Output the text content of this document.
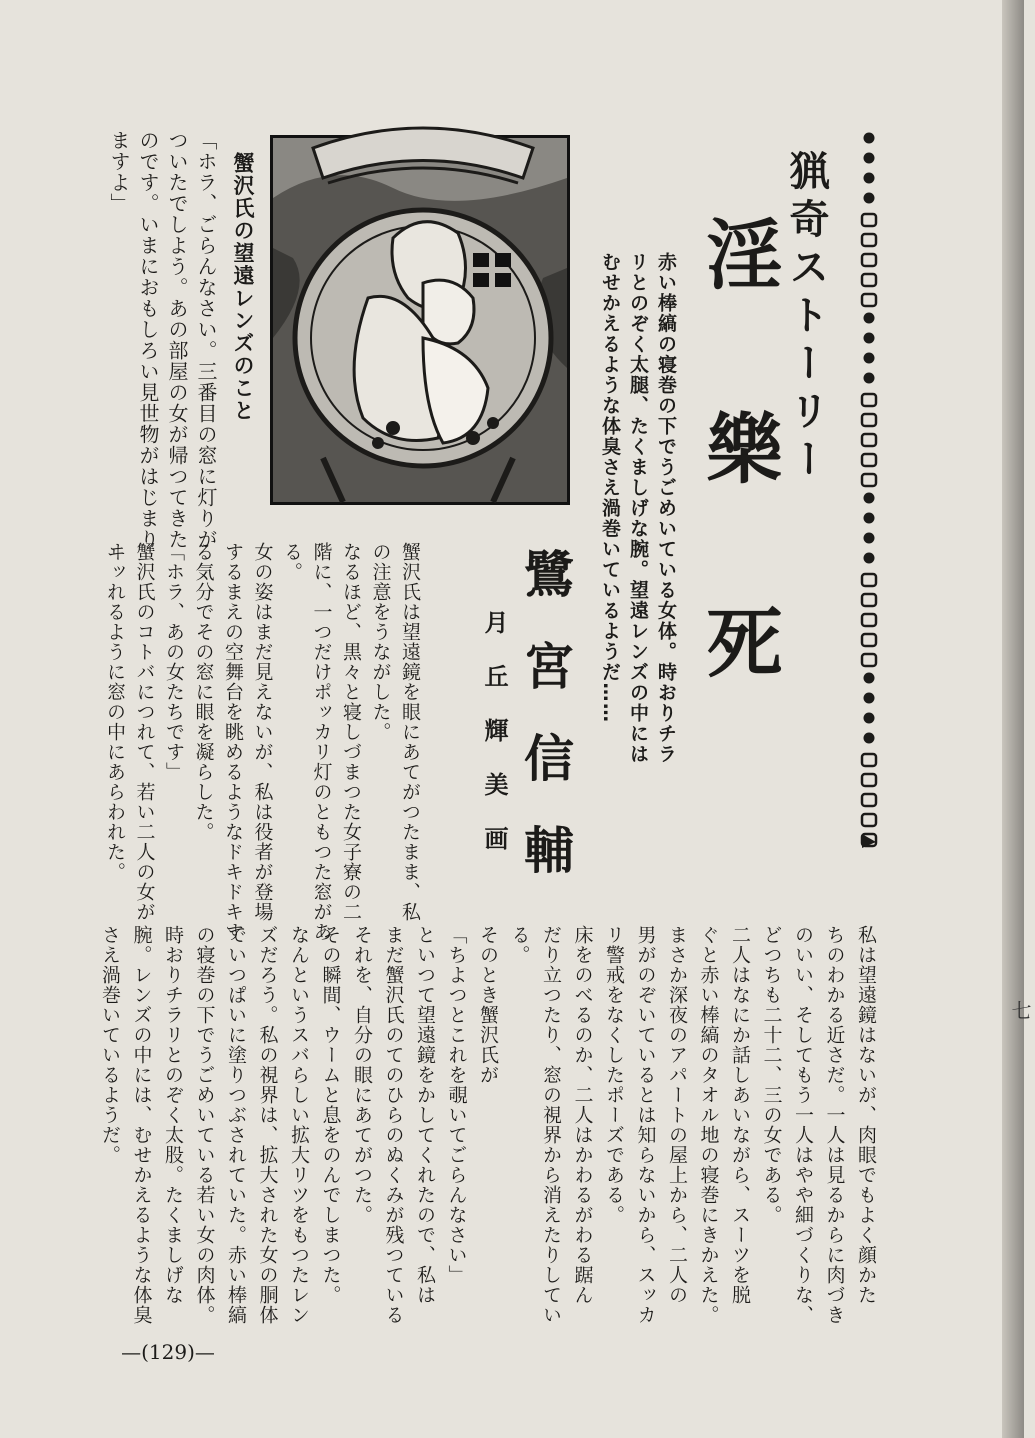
猟奇ストーリー
淫樂死
赤い棒縞の寝巻の下でうごめいている女体。時おりチラ
リとのぞく太腿、たくましげな腕。望遠レンズの中には
むせかえるような体臭さえ渦巻いているようだ……
鷺宮信輔
月丘輝美画
蟹沢氏の望遠レンズのこと
私は望遠鏡はないが、肉眼でもよく顔かた
ちのわかる近さだ。一人は見るからに肉づき
のいい、そしてもう一人はやや細づくりな、
どつちも二十二、三の女である。
二人はなにか話しあいながら、スーツを脱
ぐと赤い棒縞のタオル地の寝巻にきかえた。
まさか深夜のアパートの屋上から、二人の
男がのぞいているとは知らないから、スッカ
リ警戒をなくしたポーズである。
床をのべるのか、二人はかわるがわる踞ん
だり立つたり、窓の視界から消えたりしてい
る。
そのとき蟹沢氏が
「ちよつとこれを覗いてごらんなさい」
といつて望遠鏡をかしてくれたので、私は
まだ蟹沢氏のてのひらのぬくみが残つている
それを、自分の眼にあてがつた。
その瞬間、ウームと息をのんでしまつた。
なんというスバらしい拡大リツをもつたレン
ズだろう。私の視界は、拡大された女の胴体
でいつぱいに塗りつぶされていた。赤い棒縞
の寝巻の下でうごめいている若い女の肉体。
時おりチラリとのぞく太股。たくましげな
腕。レンズの中には、むせかえるような体臭
さえ渦巻いているようだ。
蟹沢氏は望遠鏡を眼にあてがつたまま、私
の注意をうながした。
なるほど、黒々と寝しづまつた女子寮の二
階に、一つだけポッカリ灯のともつた窓があ
る。
女の姿はまだ見えないが、私は役者が登場
するまえの空舞台を眺めるようなドキドキす
る気分でその窓に眼を凝らした。
「ホラ、あの女たちです」
蟹沢氏のコトバにつれて、若い二人の女が
ヰッれるように窓の中にあらわれた。
「ホラ、ごらんなさい。三番目の窓に灯りが
ついたでしよう。あの部屋の女が帰つてきた
のです。いまにおもしろい見世物がはじまり
ますよ」
七
—(129)—
